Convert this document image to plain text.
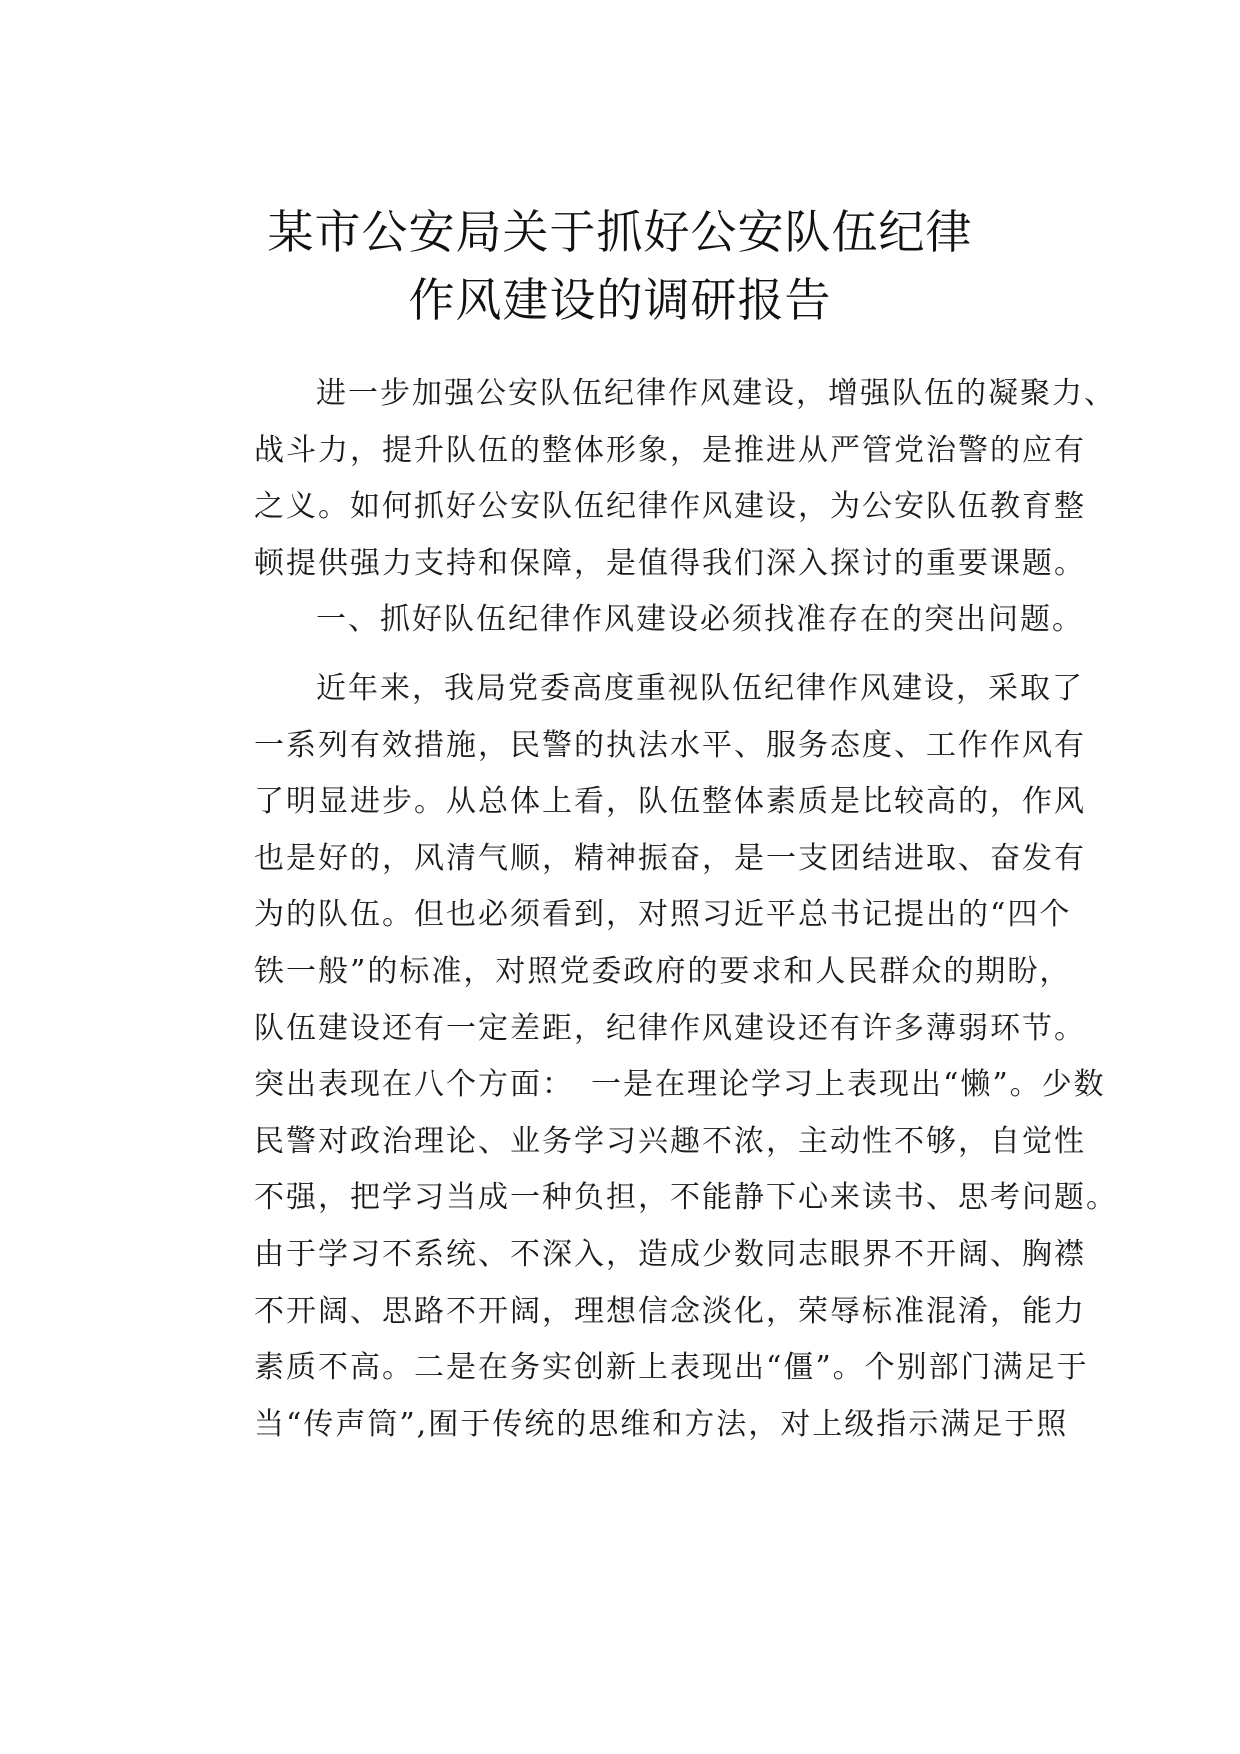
某市公安局关于抓好公安队伍纪律
作风建设的调研报告

进一步加强公安队伍纪律作风建设，增强队伍的凝聚力、
战斗力，提升队伍的整体形象，是推进从严管党治警的应有
之义。如何抓好公安队伍纪律作风建设，为公安队伍教育整
顿提供强力支持和保障，是值得我们深入探讨的重要课题。

一、抓好队伍纪律作风建设必须找准存在的突出问题。

近年来，我局党委高度重视队伍纪律作风建设，采取了
一系列有效措施，民警的执法水平、服务态度、工作作风有
了明显进步。从总体上看，队伍整体素质是比较高的，作风
也是好的，风清气顺，精神振奋，是一支团结进取、奋发有
为的队伍。但也必须看到，对照习近平总书记提出的“四个
铁一般”的标准，对照党委政府的要求和人民群众的期盼，
队伍建设还有一定差距，纪律作风建设还有许多薄弱环节。
突出表现在八个方面：　一是在理论学习上表现出“懒”。少数
民警对政治理论、业务学习兴趣不浓，主动性不够，自觉性
不强，把学习当成一种负担，不能静下心来读书、思考问题。
由于学习不系统、不深入，造成少数同志眼界不开阔、胸襟
不开阔、思路不开阔，理想信念淡化，荣辱标准混淆，能力
素质不高。二是在务实创新上表现出“僵”。个别部门满足于
当“传声筒”,囿于传统的思维和方法，对上级指示满足于照
